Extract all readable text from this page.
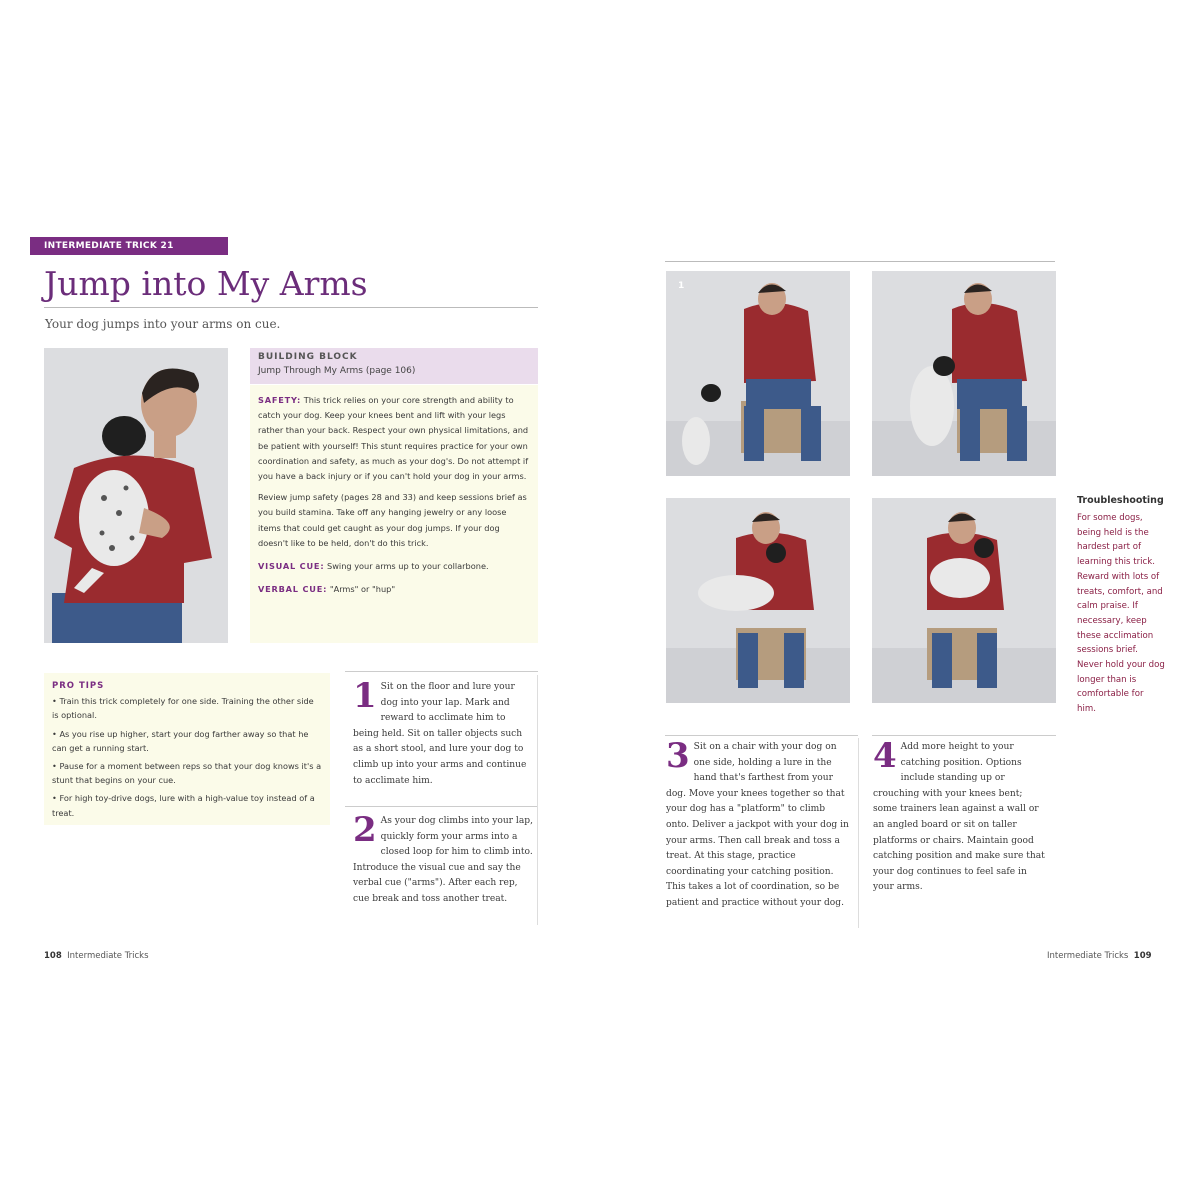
INTERMEDIATE TRICK 21
Jump into My Arms
Your dog jumps into your arms on cue.
BUILDING BLOCK
Jump Through My Arms (page 106)

SAFETY: This trick relies on your core strength and ability to catch your dog. Keep your knees bent and lift with your legs rather than your back. Respect your own physical limitations, and be patient with yourself! This stunt requires practice for your own coordination and safety, as much as your dog's. Do not attempt if you have a back injury or if you can't hold your dog in your arms.

Review jump safety (pages 28 and 33) and keep sessions brief as you build stamina. Take off any hanging jewelry or any loose items that could get caught as your dog jumps. If your dog doesn't like to be held, don't do this trick.

VISUAL CUE: Swing your arms up to your collarbone.

VERBAL CUE: "Arms" or "hup"

PRO TIPS
• Train this trick completely for one side. Training the other side is optional.
• As you rise up higher, start your dog farther away so that he can get a running start.
• Pause for a moment between reps so that your dog knows it's a stunt that begins on your cue.
• For high toy-drive dogs, lure with a high-value toy instead of a treat.
1 Sit on the floor and lure your dog into your lap. Mark and reward to acclimate him to being held. Sit on taller objects such as a short stool, and lure your dog to climb up into your arms and continue to acclimate him.
2 As your dog climbs into your lap, quickly form your arms into a closed loop for him to climb into. Introduce the visual cue and say the verbal cue ("arms"). After each rep, cue break and toss another treat.
108 Intermediate Tricks
1
3 Sit on a chair with your dog on one side, holding a lure in the hand that's farthest from your dog. Move your knees together so that your dog has a "platform" to climb onto. Deliver a jackpot with your dog in your arms. Then call break and toss a treat. At this stage, practice coordinating your catching position. This takes a lot of coordination, so be patient and practice without your dog.
4 Add more height to your catching position. Options include standing up or crouching with your knees bent; some trainers lean against a wall or an angled board or sit on taller platforms or chairs. Maintain good catching position and make sure that your dog continues to feel safe in your arms.
Troubleshooting
For some dogs, being held is the hardest part of learning this trick. Reward with lots of treats, comfort, and calm praise. If necessary, keep these acclimation sessions brief. Never hold your dog longer than is comfortable for him.
Intermediate Tricks 109
